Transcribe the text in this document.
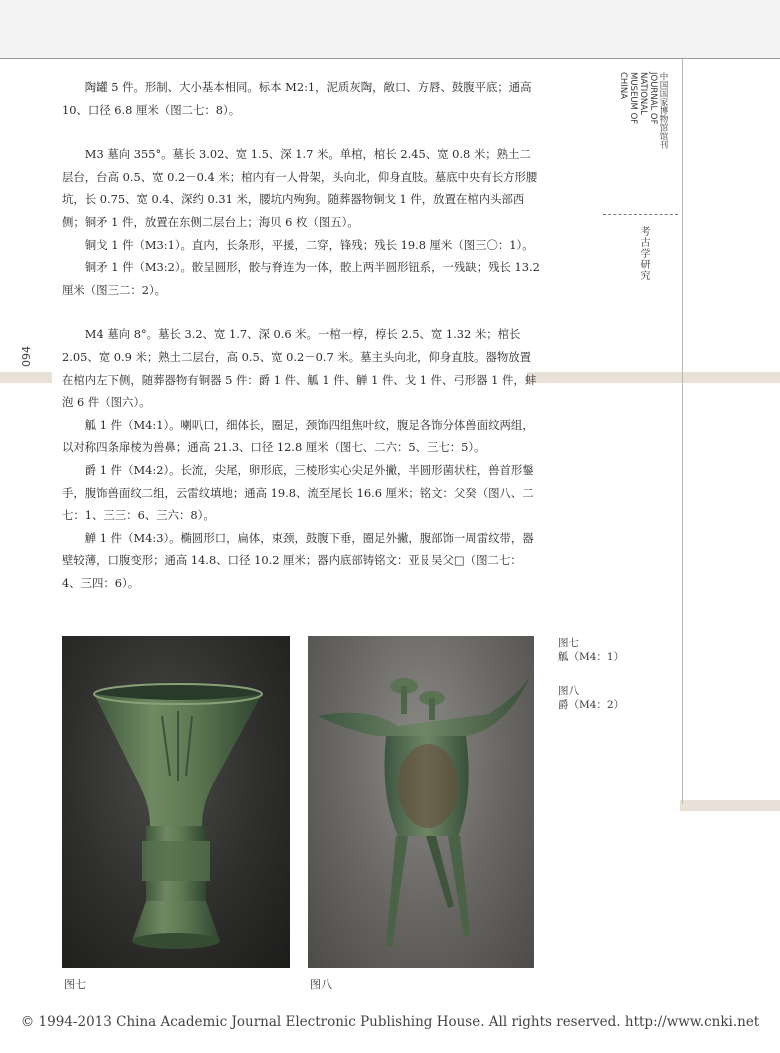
094
中国国家博物馆馆刊
JOURNAL OF
NATIONAL
MUSEUM OF
CHINA
考古学研究

陶罐 5 件。形制、大小基本相同。标本 M2:1，泥质灰陶，敞口、方唇、鼓腹平底；通高 10、口径 6.8 厘米（图二七：8）。

M3 墓向 355°。墓长 3.02、宽 1.5、深 1.7 米。单棺，棺长 2.45、宽 0.8 米；熟土二层台，台高 0.5、宽 0.2－0.4 米；棺内有一人骨架，头向北，仰身直肢。墓底中央有长方形腰坑，长 0.75、宽 0.4、深约 0.31 米，腰坑内殉狗。随葬器物铜戈 1 件，放置在棺内头部西侧；铜矛 1 件，放置在东侧二层台上；海贝 6 枚（图五）。

铜戈 1 件（M3:1）。直内，长条形，平援，二穿，锋残；残长 19.8 厘米（图三〇：1）。

铜矛 1 件（M3:2）。骹呈圆形，骹与脊连为一体，骹上两半圆形钮系，一残缺；残长 13.2 厘米（图三二：2）。

M4 墓向 8°。墓长 3.2、宽 1.7、深 0.6 米。一棺一椁，椁长 2.5、宽 1.32 米；棺长 2.05、宽 0.9 米；熟土二层台，高 0.5、宽 0.2－0.7 米。墓主头向北，仰身直肢。器物放置在棺内左下侧，随葬器物有铜器 5 件：爵 1 件、觚 1 件、觯 1 件、戈 1 件、弓形器 1 件，蚌泡 6 件（图六）。

觚 1 件（M4:1）。喇叭口，细体长，圈足，颈饰四组焦叶纹，腹足各饰分体兽面纹两组，以对称四条扉棱为兽鼻；通高 21.3、口径 12.8 厘米（图七、二六：5、三七：5）。

爵 1 件（M4:2）。长流，尖尾，卵形底，三棱形实心尖足外撇，半圆形菌状柱，兽首形鋬手，腹饰兽面纹二组，云雷纹填地；通高 19.8、流至尾长 16.6 厘米；铭文：父癸（图八、二七：1、三三：6、三六：8）。

觯 1 件（M4:3）。椭圆形口，扁体，束颈，鼓腹下垂，圈足外撇，腹部饰一周雷纹带，器壁较薄，口腹变形；通高 14.8、口径 10.2 厘米；器内底部铸铭文：亚𠬝吴父□（图二七：4、三四：6）。

图七	图八
图七
觚（M4：1）
图八
爵（M4：2）
© 1994-2013 China Academic Journal Electronic Publishing House. All rights reserved. http://www.cnki.net
